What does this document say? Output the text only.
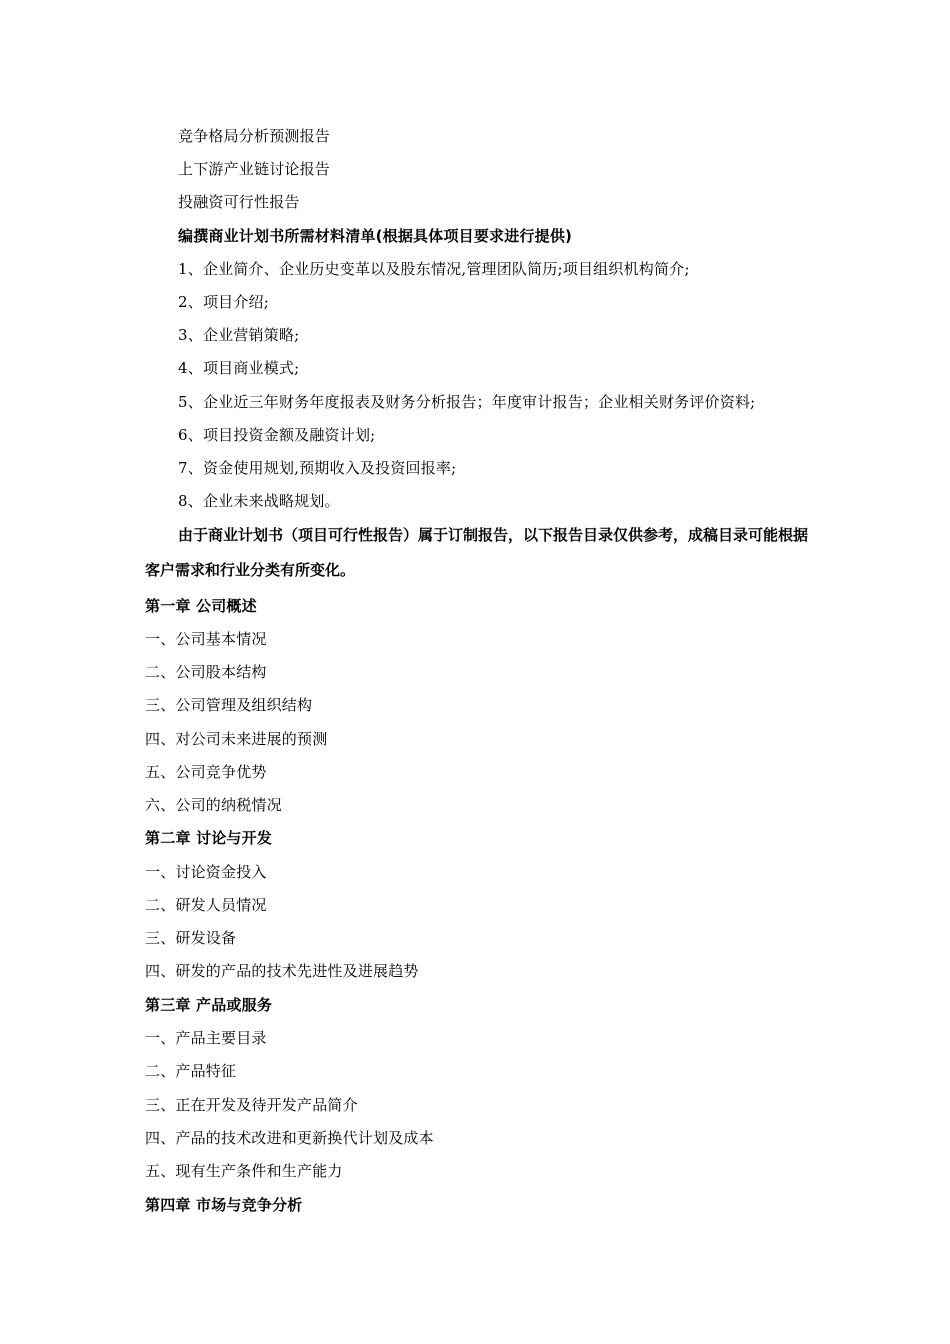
竞争格局分析预测报告
上下游产业链讨论报告
投融资可行性报告
编撰商业计划书所需材料清单(根据具体项目要求进行提供)
1、企业简介、企业历史变革以及股东情况,管理团队简历;项目组织机构简介;
2、项目介绍;
3、企业营销策略;
4、项目商业模式;
5、企业近三年财务年度报表及财务分析报告；年度审计报告；企业相关财务评价资料;
6、项目投资金额及融资计划;
7、资金使用规划,预期收入及投资回报率;
8、企业未来战略规划。
由于商业计划书（项目可行性报告）属于订制报告，以下报告目录仅供参考，成稿目录可能根据客户需求和行业分类有所变化。
第一章 公司概述
一、公司基本情况
二、公司股本结构
三、公司管理及组织结构
四、对公司未来进展的预测
五、公司竞争优势
六、公司的纳税情况
第二章 讨论与开发
一、讨论资金投入
二、研发人员情况
三、研发设备
四、研发的产品的技术先进性及进展趋势
第三章 产品或服务
一、产品主要目录
二、产品特征
三、正在开发及待开发产品简介
四、产品的技术改进和更新换代计划及成本
五、现有生产条件和生产能力
第四章 市场与竞争分析
